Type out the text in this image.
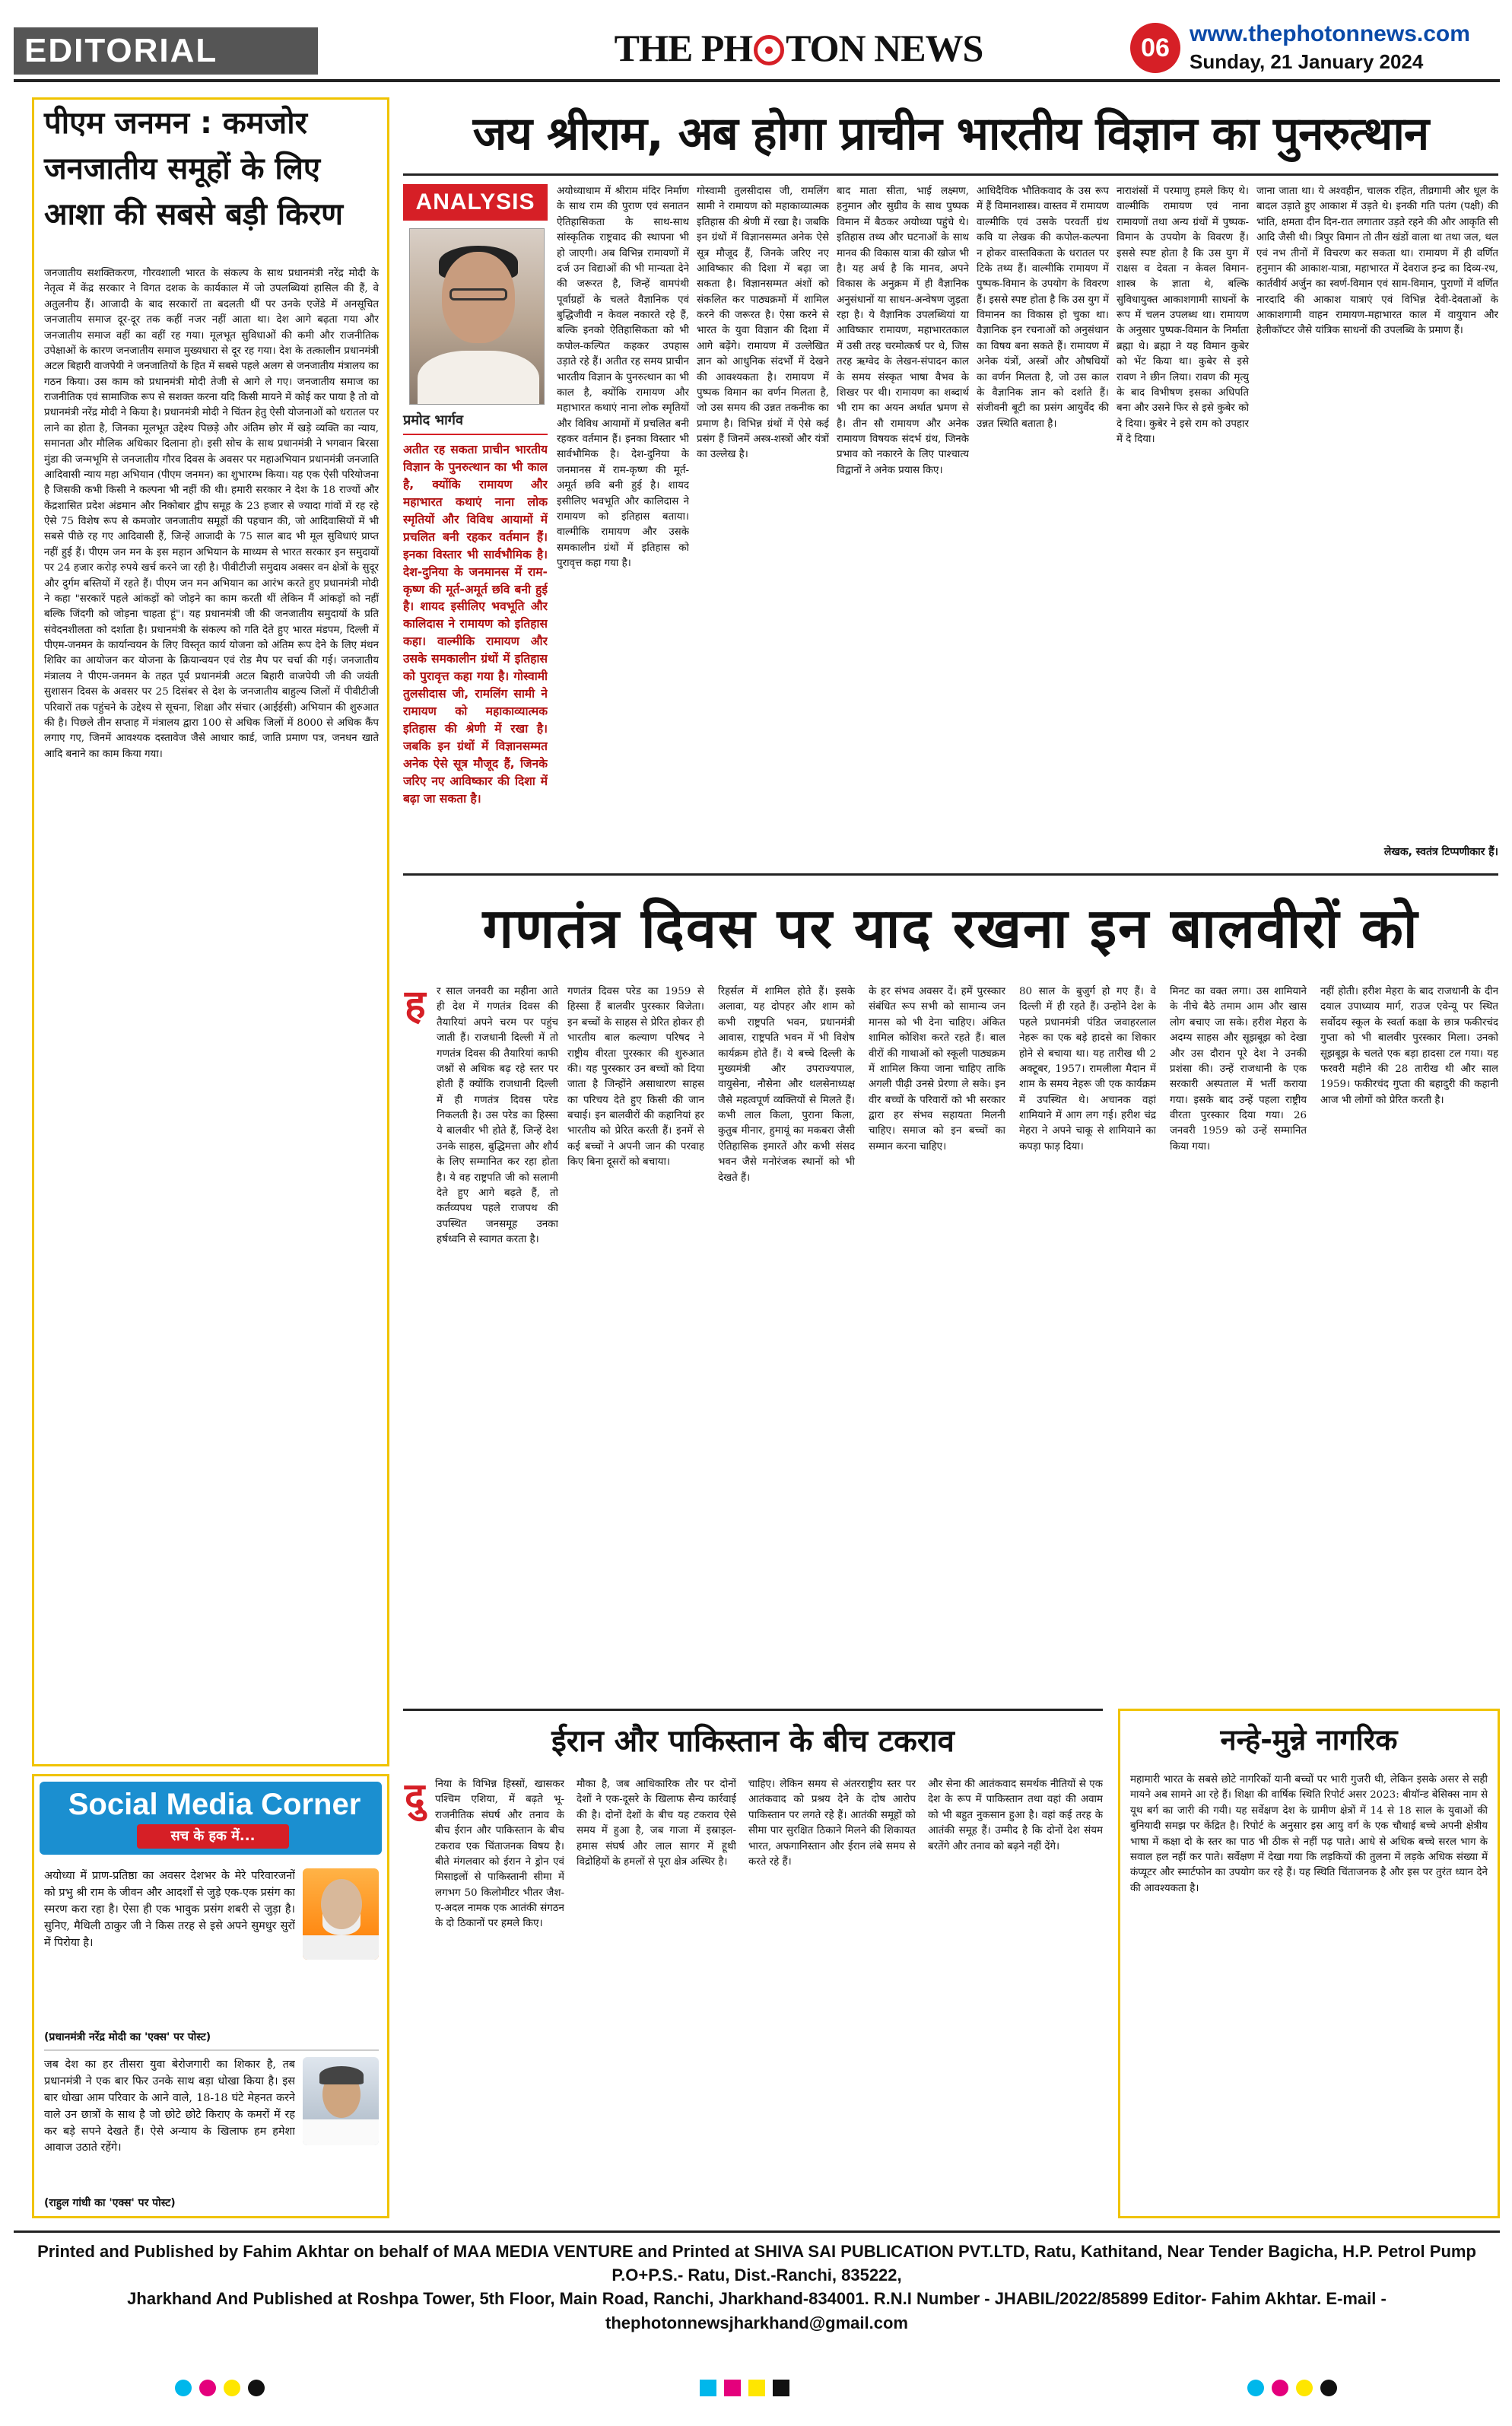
EDITORIAL	THE PH TON NEWS	06 www.thephotonnews.com
Sunday, 21 January 2024
पीएम जनमन : कमजोर जनजातीय समूहों के लिए आशा की सबसे बड़ी किरण
जनजातीय सशक्तिकरण, गौरवशाली भारत के संकल्प के साथ प्रधानमंत्री नरेंद्र मोदी के नेतृत्व में केंद्र सरकार ने विगत दशक के कार्यकाल में जो उपलब्धियां हासिल की हैं, वे अतुलनीय हैं। आजादी के बाद सरकारों ता बदलती थीं पर उनके एजेंडे में अनसूचित जनजातीय समाज दूर-दूर तक कहीं नजर नहीं आता था। देश आगे बढ़ता गया और जनजातीय समाज वहीं का वहीं रह गया। मूलभूत सुविधाओं की कमी और राजनीतिक उपेक्षाओं के कारण जनजातीय समाज मुख्यधारा से दूर रह गया। देश के तत्कालीन प्रधानमंत्री अटल बिहारी वाजपेयी ने जनजातियों के हित में सबसे पहले अलग से जनजातीय मंत्रालय का गठन किया। उस काम को प्रधानमंत्री मोदी तेजी से आगे ले गए। जनजातीय समाज का राजनीतिक एवं सामाजिक रूप से सशक्त करना यदि किसी मायने में कोई कर पाया है तो वो प्रधानमंत्री नरेंद्र मोदी ने किया है। प्रधानमंत्री मोदी ने चिंतन हेतु ऐसी योजनाओं को धरातल पर लाने का होता है, जिनका मूलभूत उद्देश्य पिछड़े और अंतिम छोर में खड़े व्यक्ति का न्याय, समानता और मौलिक अधिकार दिलाना हो। इसी सोच के साथ प्रधानमंत्री ने भगवान बिरसा मुंडा की जन्मभूमि से जनजातीय गौरव दिवस के अवसर पर महाअभियान प्रधानमंत्री जनजाति आदिवासी न्याय महा अभियान (पीएम जनमन) का शुभारम्भ किया। यह एक ऐसी परियोजना है जिसकी कभी किसी ने कल्पना भी नहीं की थी। हमारी सरकार ने देश के 18 राज्यों और केंद्रशासित प्रदेश अंडमान और निकोबार द्वीप समूह के 23 हजार से ज्यादा गांवों में रह रहे ऐसे 75 विशेष रूप से कमजोर जनजातीय समूहों की पहचान की, जो आदिवासियों में भी सबसे पीछे रह गए आदिवासी हैं, जिन्हें आजादी के 75 साल बाद भी मूल सुविधाएं प्राप्त नहीं हुई हैं। पीएम जन मन के इस महान अभियान के माध्यम से भारत सरकार इन समुदायों पर 24 हजार करोड़ रुपये खर्च करने जा रही है। पीवीटीजी समुदाय अक्सर वन क्षेत्रों के सुदूर और दुर्गम बस्तियों में रहते हैं। पीएम जन मन अभियान का आरंभ करते हुए प्रधानमंत्री मोदी ने कहा "सरकारें पहले आंकड़ों को जोड़ने का काम करती थीं लेकिन मैं आंकड़ों को नहीं बल्कि जिंदगी को जोड़ना चाहता हूं"। यह प्रधानमंत्री जी की जनजातीय समुदायों के प्रति संवेदनशीलता को दर्शाता है। प्रधानमंत्री के संकल्प को गति देते हुए भारत मंडपम, दिल्ली में पीएम-जनमन के कार्यान्वयन के लिए विस्तृत कार्य योजना को अंतिम रूप देने के लिए मंथन शिविर का आयोजन कर योजना के क्रियान्वयन एवं रोड मैप पर चर्चा की गई। जनजातीय मंत्रालय ने पीएम-जनमन के तहत पूर्व प्रधानमंत्री अटल बिहारी वाजपेयी जी की जयंती सुशासन दिवस के अवसर पर 25 दिसंबर से देश के जनजातीय बाहुल्य जिलों में पीवीटीजी परिवारों तक पहुंचने के उद्देश्य से सूचना, शिक्षा और संचार (आईईसी) अभियान की शुरुआत की है। पिछले तीन सप्ताह में मंत्रालय द्वारा 100 से अधिक जिलों में 8000 से अधिक कैंप लगाए गए, जिनमें आवश्यक दस्तावेज जैसे आधार कार्ड, जाति प्रमाण पत्र, जनधन खाते आदि बनाने का काम किया गया।
जय श्रीराम, अब होगा प्राचीन भारतीय विज्ञान का पुनरुत्थान
ANALYSIS
प्रमोद भार्गव
अतीत रह सकता प्राचीन भारतीय विज्ञान के पुनरुत्थान का भी काल है, क्योंकि रामायण और महाभारत कथाएं नाना लोक स्मृतियों और विविध आयामों में प्रचलित बनी रहकर वर्तमान हैं। इनका विस्तार भी सार्वभौमिक है। देश-दुनिया के जनमानस में राम-कृष्ण की मूर्त-अमूर्त छवि बनी हुई है। शायद इसीलिए भवभूति और कालिदास ने रामायण को इतिहास कहा। वाल्मीकि रामायण और उसके समकालीन ग्रंथों में इतिहास को पुरावृत्त कहा गया है। गोस्वामी तुलसीदास जी, रामलिंग सामी ने रामायण को महाकाव्यात्मक इतिहास की श्रेणी में रखा है। जबकि इन ग्रंथों में विज्ञानसम्मत अनेक ऐसे सूत्र मौजूद हैं, जिनके जरिए नए आविष्कार की दिशा में बढ़ा जा सकता है।
अयोध्याधाम में श्रीराम मंदिर निर्माण के साथ राम की पुराण एवं सनातन ऐतिहासिकता के साथ-साथ सांस्कृतिक राष्ट्रवाद की स्थापना भी हो जाएगी। अब विभिन्न रामायणों में दर्ज उन विद्याओं की भी मान्यता देने की जरूरत है, जिन्हें वामपंथी पूर्वाग्रहों के चलते वैज्ञानिक एवं बुद्धिजीवी न केवल नकारते रहे हैं, बल्कि इनको ऐतिहासिकता को भी कपोल-कल्पित कहकर उपहास उड़ाते रहे हैं। अतीत रह समय प्राचीन भारतीय विज्ञान के पुनरुत्थान का भी काल है, क्योंकि रामायण और महाभारत कथाएं नाना लोक स्मृतियों और विविध आयामों में प्रचलित बनी रहकर वर्तमान हैं। इनका विस्तार भी सार्वभौमिक है। देश-दुनिया के जनमानस में राम-कृष्ण की मूर्त-अमूर्त छवि बनी हुई है। शायद इसीलिए भवभूति और कालिदास ने रामायण को इतिहास बताया। वाल्मीकि रामायण और उसके समकालीन ग्रंथों में इतिहास को पुरावृत्त कहा गया है।
गोस्वामी तुलसीदास जी, रामलिंग सामी ने रामायण को महाकाव्यात्मक इतिहास की श्रेणी में रखा है। जबकि इन ग्रंथों में विज्ञानसम्मत अनेक ऐसे सूत्र मौजूद हैं, जिनके जरिए नए आविष्कार की दिशा में बढ़ा जा सकता है। विज्ञानसम्मत अंशों को संकलित कर पाठ्यक्रमों में शामिल करने की जरूरत है। ऐसा करने से भारत के युवा विज्ञान की दिशा में आगे बढ़ेंगे। रामायण में उल्लेखित ज्ञान को आधुनिक संदर्भों में देखने की आवश्यकता है। रामायण में पुष्पक विमान का वर्णन मिलता है, जो उस समय की उन्नत तकनीक का प्रमाण है। विभिन्न ग्रंथों में ऐसे कई प्रसंग हैं जिनमें अस्त्र-शस्त्रों और यंत्रों का उल्लेख है।
बाद माता सीता, भाई लक्ष्मण, हनुमान और सुग्रीव के साथ पुष्पक विमान में बैठकर अयोध्या पहुंचे थे। इतिहास तथ्य और घटनाओं के साथ मानव की विकास यात्रा की खोज भी है। यह अर्थ है कि मानव, अपने विकास के अनुक्रम में ही वैज्ञानिक अनुसंधानों या साधन-अन्वेषण जुड़ता रहा है। ये वैज्ञानिक उपलब्धियां या आविष्कार रामायण, महाभारतकाल में उसी तरह चरमोत्कर्ष पर थे, जिस तरह ऋग्वेद के लेखन-संपादन काल के समय संस्कृत भाषा वैभव के शिखर पर थी। रामायण का शब्दार्थ भी राम का अयन अर्थात भ्रमण से है। तीन सौ रामायण और अनेक रामायण विषयक संदर्भ ग्रंथ, जिनके प्रभाव को नकारने के लिए पाश्चात्य विद्वानों ने अनेक प्रयास किए।
आधिदैविक भौतिकवाद के उस रूप में हैं विमानशास्त्र। वास्तव में रामायण वाल्मीकि एवं उसके परवर्ती ग्रंथ कवि या लेखक की कपोल-कल्पना न होकर वास्तविकता के धरातल पर टिके तथ्य हैं। वाल्मीकि रामायण में पुष्पक-विमान के उपयोग के विवरण हैं। इससे स्पष्ट होता है कि उस युग में विमानन का विकास हो चुका था। वैज्ञानिक इन रचनाओं को अनुसंधान का विषय बना सकते हैं। रामायण में अनेक यंत्रों, अस्त्रों और औषधियों का वर्णन मिलता है, जो उस काल के वैज्ञानिक ज्ञान को दर्शाते हैं। संजीवनी बूटी का प्रसंग आयुर्वेद की उन्नत स्थिति बताता है।
नाराशंसों में परमाणु हमले किए थे। वाल्मीकि रामायण एवं नाना रामायणों तथा अन्य ग्रंथों में पुष्पक-विमान के उपयोग के विवरण हैं। इससे स्पष्ट होता है कि उस युग में राक्षस व देवता न केवल विमान-शास्त्र के ज्ञाता थे, बल्कि सुविधायुक्त आकाशगामी साधनों के रूप में चलन उपलब्ध था। रामायण के अनुसार पुष्पक-विमान के निर्माता ब्रह्मा थे। ब्रह्मा ने यह विमान कुबेर को भेंट किया था। कुबेर से इसे रावण ने छीन लिया। रावण की मृत्यु के बाद विभीषण इसका अधिपति बना और उसने फिर से इसे कुबेर को दे दिया। कुबेर ने इसे राम को उपहार में दे दिया।
जाना जाता था। ये अश्वहीन, चालक रहित, तीव्रगामी और धूल के बादल उड़ाते हुए आकाश में उड़ते थे। इनकी गति पतंग (पक्षी) की भांति, क्षमता दीन दिन-रात लगातार उड़ते रहने की और आकृति सी आदि जैसी थी। त्रिपुर विमान तो तीन खंडों वाला था तथा जल, थल एवं नभ तीनों में विचरण कर सकता था। रामायण में ही वर्णित हनुमान की आकाश-यात्रा, महाभारत में देवराज इन्द्र का दिव्य-रथ, कार्तवीर्य अर्जुन का स्वर्ण-विमान एवं साम-विमान, पुराणों में वर्णित नारदादि की आकाश यात्राएं एवं विभिन्न देवी-देवताओं के आकाशगामी वाहन रामायण-महाभारत काल में वायुयान और हेलीकॉप्टर जैसे यांत्रिक साधनों की उपलब्धि के प्रमाण हैं।
लेखक, स्वतंत्र टिप्पणीकार हैं।
गणतंत्र दिवस पर याद रखना इन बालवीरों को
ह	र साल जनवरी का महीना आते ही देश में गणतंत्र दिवस की तैयारियां अपने चरम पर पहुंच जाती हैं। राजधानी दिल्ली में तो गणतंत्र दिवस की तैयारियां काफी जश्नों से अधिक बढ़ रहे स्तर पर होती हैं क्योंकि राजधानी दिल्ली में ही गणतंत्र दिवस परेड निकलती है। उस परेड का हिस्सा ये बालवीर भी होते हैं, जिन्हें देश उनके साहस, बुद्धिमत्ता और शौर्य के लिए सम्मानित कर रहा होता है। ये वह राष्ट्रपति जी को सलामी देते हुए आगे बढ़ते हैं, तो कर्तव्यपथ पहले राजपथ की उपस्थित जनसमूह उनका हर्षध्वनि से स्वागत करता है।
गणतंत्र दिवस परेड का 1959 से हिस्सा हैं बालवीर पुरस्कार विजेता। इन बच्चों के साहस से प्रेरित होकर ही भारतीय बाल कल्याण परिषद ने राष्ट्रीय वीरता पुरस्कार की शुरुआत की। यह पुरस्कार उन बच्चों को दिया जाता है जिन्होंने असाधारण साहस का परिचय देते हुए किसी की जान बचाई। इन बालवीरों की कहानियां हर भारतीय को प्रेरित करती हैं। इनमें से कई बच्चों ने अपनी जान की परवाह किए बिना दूसरों को बचाया।
रिहर्सल में शामिल होते हैं। इसके अलावा, यह दोपहर और शाम को कभी राष्ट्रपति भवन, प्रधानमंत्री आवास, राष्ट्रपति भवन में भी विशेष कार्यक्रम होते हैं। ये बच्चे दिल्ली के मुख्यमंत्री और उपराज्यपाल, वायुसेना, नौसेना और थलसेनाध्यक्ष जैसे महत्वपूर्ण व्यक्तियों से मिलते हैं। कभी लाल किला, पुराना किला, कुतुब मीनार, हुमायूं का मकबरा जैसी ऐतिहासिक इमारतें और कभी संसद भवन जैसे मनोरंजक स्थानों को भी देखते हैं।
के हर संभव अवसर दें। हमें पुरस्कार संबंधित रूप सभी को सामान्य जन मानस को भी देना चाहिए। अंकित शामिल कोशिश करते रहते हैं। बाल वीरों की गाथाओं को स्कूली पाठ्यक्रम में शामिल किया जाना चाहिए ताकि अगली पीढ़ी उनसे प्रेरणा ले सके। इन वीर बच्चों के परिवारों को भी सरकार द्वारा हर संभव सहायता मिलनी चाहिए। समाज को इन बच्चों का सम्मान करना चाहिए।
80 साल के बुजुर्ग हो गए हैं। वे दिल्ली में ही रहते हैं। उन्होंने देश के पहले प्रधानमंत्री पंडित जवाहरलाल नेहरू का एक बड़े हादसे का शिकार होने से बचाया था। यह तारीख थी 2 अक्टूबर, 1957। रामलीला मैदान में शाम के समय नेहरू जी एक कार्यक्रम में उपस्थित थे। अचानक वहां शामियाने में आग लग गई। हरीश चंद्र मेहरा ने अपने चाकू से शामियाने का कपड़ा फाड़ दिया।
मिनट का वक्त लगा। उस शामियाने के नीचे बैठे तमाम आम और खास लोग बचाए जा सके। हरीश मेहरा के अदम्य साहस और सूझबूझ को देखा और उस दौरान पूरे देश ने उनकी प्रशंसा की। उन्हें राजधानी के एक सरकारी अस्पताल में भर्ती कराया गया। इसके बाद उन्हें पहला राष्ट्रीय वीरता पुरस्कार दिया गया। 26 जनवरी 1959 को उन्हें सम्मानित किया गया।
नहीं होती। हरीश मेहरा के बाद राजधानी के दीन दयाल उपाध्याय मार्ग, राउज एवेन्यू पर स्थित सर्वोदय स्कूल के स्वर्ता कक्षा के छात्र फकीरचंद गुप्ता को भी बालवीर पुरस्कार मिला। उनको सूझबूझ के चलते एक बड़ा हादसा टल गया। यह फरवरी महीने की 28 तारीख थी और साल 1959। फकीरचंद गुप्ता की बहादुरी की कहानी आज भी लोगों को प्रेरित करती है।
Social Media Corner
सच के हक में...
अयोध्या में प्राण-प्रतिष्ठा का अवसर देशभर के मेरे परिवारजनों को प्रभु श्री राम के जीवन और आदर्शों से जुड़े एक-एक प्रसंग का स्मरण करा रहा है। ऐसा ही एक भावुक प्रसंग शबरी से जुड़ा है। सुनिए, मैथिली ठाकुर जी ने किस तरह से इसे अपने सुमधुर सुरों में पिरोया है।
(प्रधानमंत्री नरेंद्र मोदी का 'एक्स' पर पोस्ट)
जब देश का हर तीसरा युवा बेरोजगारी का शिकार है, तब प्रधानमंत्री ने एक बार फिर उनके साथ बड़ा धोखा किया है। इस बार धोखा आम परिवार के आने वाले, 18-18 घंटे मेहनत करने वाले उन छात्रों के साथ है जो छोटे छोटे किराए के कमरों में रह कर बड़े सपने देखते हैं। ऐसे अन्याय के खिलाफ हम हमेशा आवाज उठाते रहेंगे।
(राहुल गांधी का 'एक्स' पर पोस्ट)
ईरान और पाकिस्तान के बीच टकराव
दु	निया के विभिन्न हिस्सों, खासकर पश्चिम एशिया, में बढ़ते भू-राजनीतिक संघर्ष और तनाव के बीच ईरान और पाकिस्तान के बीच टकराव एक चिंताजनक विषय है। बीते मंगलवार को ईरान ने ड्रोन एवं मिसाइलों से पाकिस्तानी सीमा में लगभग 50 किलोमीटर भीतर जैश-ए-अदल नामक एक आतंकी संगठन के दो ठिकानों पर हमले किए।
मौका है, जब आधिकारिक तौर पर दोनों देशों ने एक-दूसरे के खिलाफ सैन्य कार्रवाई की है। दोनों देशों के बीच यह टकराव ऐसे समय में हुआ है, जब गाजा में इस्राइल-हमास संघर्ष और लाल सागर में हूथी विद्रोहियों के हमलों से पूरा क्षेत्र अस्थिर है।
चाहिए। लेकिन समय से अंतरराष्ट्रीय स्तर पर आतंकवाद को प्रश्रय देने के दोष आरोप पाकिस्तान पर लगते रहे हैं। आतंकी समूहों को सीमा पार सुरक्षित ठिकाने मिलने की शिकायत भारत, अफगानिस्तान और ईरान लंबे समय से करते रहे हैं।
और सेना की आतंकवाद समर्थक नीतियों से एक देश के रूप में पाकिस्तान तथा वहां की अवाम को भी बहुत नुकसान हुआ है। वहां कई तरह के आतंकी समूह हैं। उम्मीद है कि दोनों देश संयम बरतेंगे और तनाव को बढ़ने नहीं देंगे।
नन्हे-मुन्ने नागरिक
महामारी भारत के सबसे छोटे नागरिकों यानी बच्चों पर भारी गुजरी थी, लेकिन इसके असर से सही मायने अब सामने आ रहे हैं। शिक्षा की वार्षिक स्थिति रिपोर्ट असर 2023: बीयॉन्ड बेसिक्स नाम से यूथ बर्ग का जारी की गयी। यह सर्वेक्षण देश के ग्रामीण क्षेत्रों में 14 से 18 साल के युवाओं की बुनियादी समझ पर केंद्रित है। रिपोर्ट के अनुसार इस आयु वर्ग के एक चौथाई बच्चे अपनी क्षेत्रीय भाषा में कक्षा दो के स्तर का पाठ भी ठीक से नहीं पढ़ पाते। आधे से अधिक बच्चे सरल भाग के सवाल हल नहीं कर पाते। सर्वेक्षण में देखा गया कि लड़कियों की तुलना में लड़के अधिक संख्या में कंप्यूटर और स्मार्टफोन का उपयोग कर रहे हैं। यह स्थिति चिंताजनक है और इस पर तुरंत ध्यान देने की आवश्यकता है।
Printed and Published by Fahim Akhtar on behalf of MAA MEDIA VENTURE and Printed at SHIVA SAI PUBLICATION PVT.LTD, Ratu, Kathitand, Near Tender Bagicha, H.P. Petrol Pump P.O+P.S.- Ratu, Dist.-Ranchi, 835222,
Jharkhand And Published at Roshpa Tower, 5th Floor, Main Road, Ranchi, Jharkhand-834001. R.N.I Number - JHABIL/2022/85899 Editor- Fahim Akhtar. E-mail - thephotonnewsjharkhand@gmail.com
